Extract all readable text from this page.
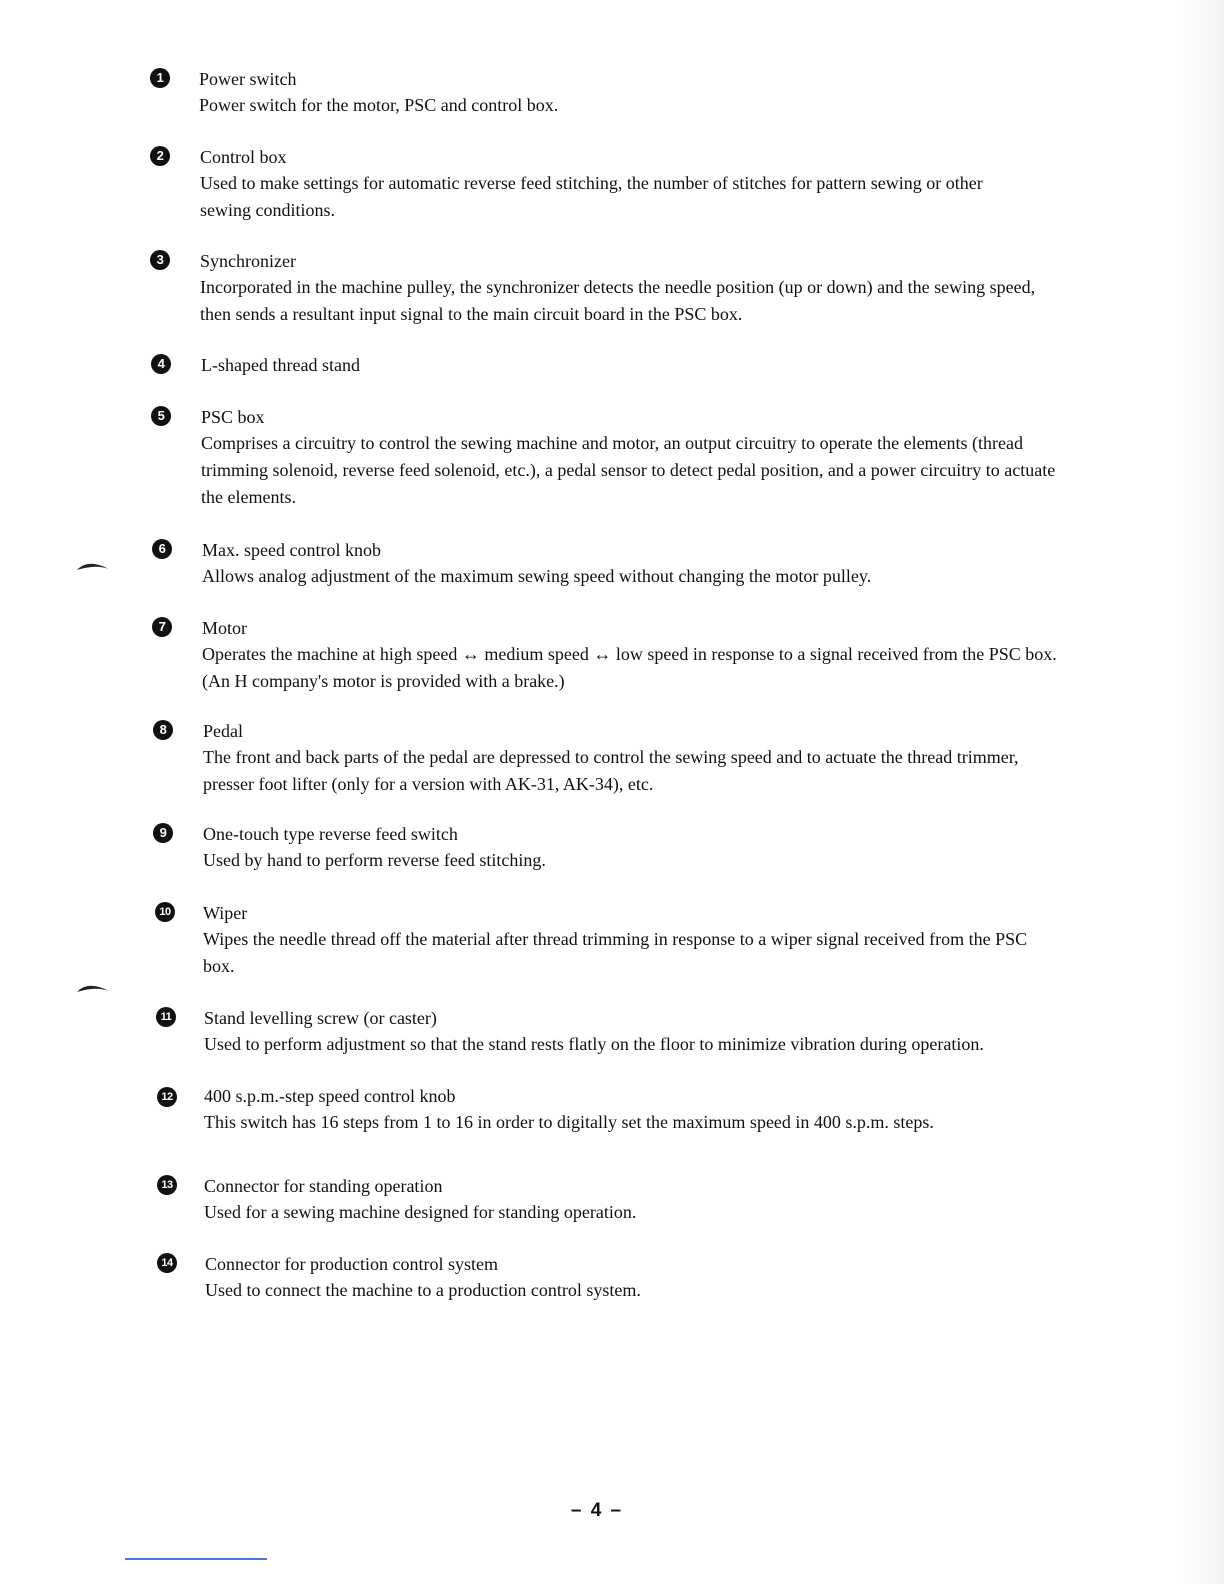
1	Power switch

Power switch for the motor, PSC and control box.

2	Control box

Used to make settings for automatic reverse feed stitching, the number of stitches for pattern sewing or other sewing conditions.

3	Synchronizer

Incorporated in the machine pulley, the synchronizer detects the needle position (up or down) and the sewing speed, then sends a resultant input signal to the main circuit board in the PSC box.

4	L-shaped thread stand

5	PSC box

Comprises a circuitry to control the sewing machine and motor, an output circuitry to operate the elements (thread trimming solenoid, reverse feed solenoid, etc.), a pedal sensor to detect pedal position, and a power circuitry to actuate the elements.

6	Max. speed control knob

Allows analog adjustment of the maximum sewing speed without changing the motor pulley.

7	Motor

Operates the machine at high speed ↔ medium speed ↔ low speed in response to a signal received from the PSC box. (An H company's motor is provided with a brake.)

8	Pedal

The front and back parts of the pedal are depressed to control the sewing speed and to actuate the thread trimmer, presser foot lifter (only for a version with AK-31, AK-34), etc.

9	One-touch type reverse feed switch

Used by hand to perform reverse feed stitching.

10 Wiper

Wipes the needle thread off the material after thread trimming in response to a wiper signal received from the PSC box.

11 Stand levelling screw (or caster)

Used to perform adjustment so that the stand rests flatly on the floor to minimize vibration during operation.

12 400 s.p.m.-step speed control knob

This switch has 16 steps from 1 to 16 in order to digitally set the maximum speed in 400 s.p.m. steps.

13 Connector for standing operation

Used for a sewing machine designed for standing operation.

14 Connector for production control system

Used to connect the machine to a production control system.

– 4 –
